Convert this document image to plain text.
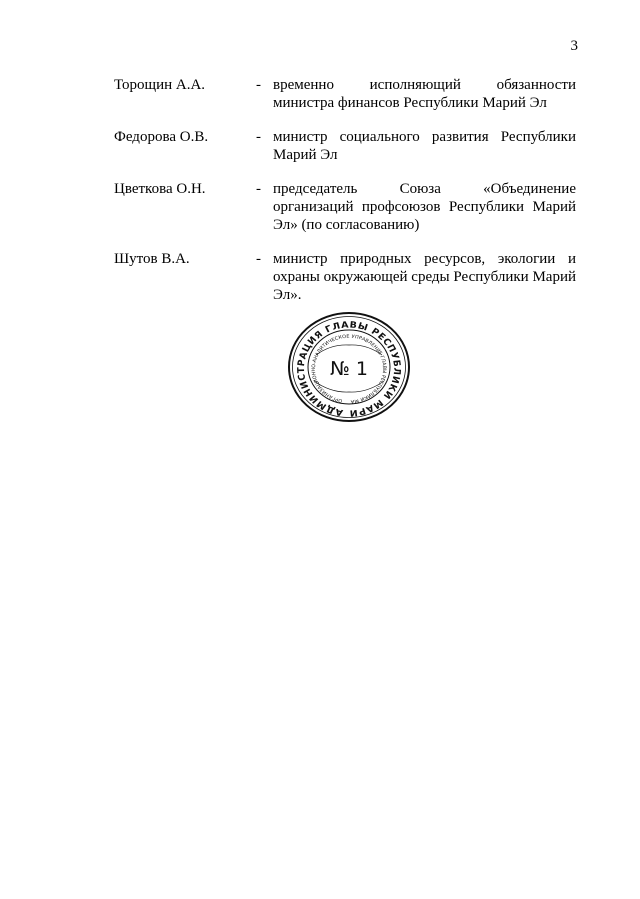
3
Торощин А.А.	- временно исполняющий обязанности министра финансов Республики Марий Эл
Федорова О.В.	- министр социального развития Республики Марий Эл
Цветкова О.Н.	- председатель Союза «Объединение организаций профсоюзов Республики Марий Эл» (по согласованию)
Шутов В.А.	- министр природных ресурсов, экологии и охраны окружающей среды Республики Марий Эл».
АДМИНИСТРАЦИЯ ГЛАВЫ РЕСПУБЛИКИ МАРИ
ОРГАНИЗАЦИОННО-АНАЛИТИЧЕСКОЕ УПРАВЛЕНИЕ ГЛАВЫ РЕСПУБЛИКИ МА
№ 1
